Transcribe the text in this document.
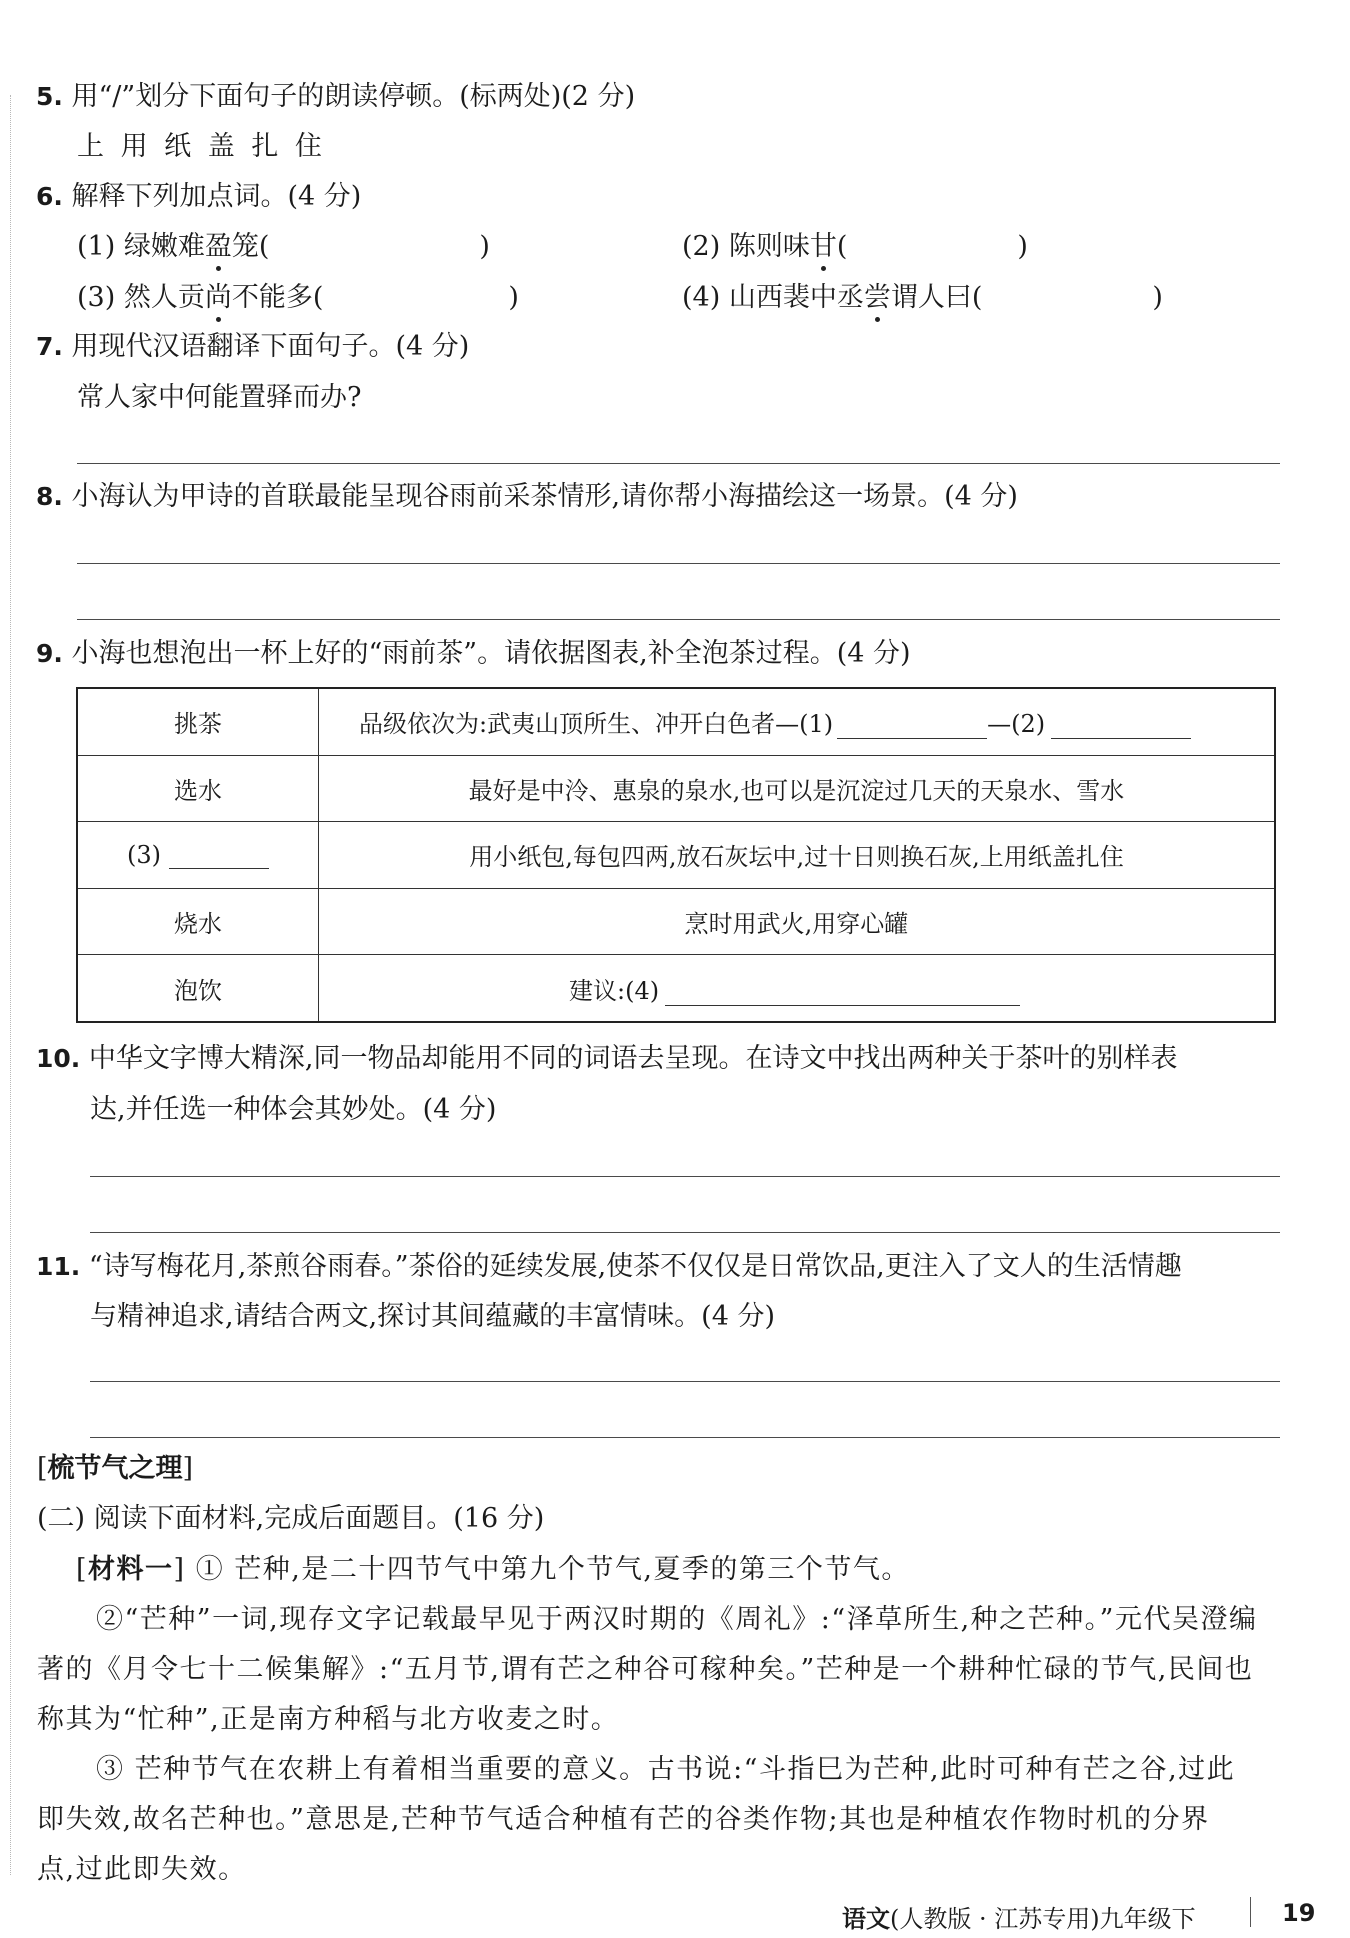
5. 用“/”划分下面句子的朗读停顿。(标两处)(2 分)
上 用 纸 盖 扎 住
6. 解释下列加点词。(4 分)
(1) 绿嫩难盈笼(	)	(2) 陈则味甘(	)
(3) 然人贡尚不能多(	)	(4) 山西裴中丞尝谓人曰(	)
7. 用现代汉语翻译下面句子。(4 分)
常人家中何能置驿而办?
8. 小海认为甲诗的首联最能呈现谷雨前采茶情形,请你帮小海描绘这一场景。(4 分)
9. 小海也想泡出一杯上好的“雨前茶”。请依据图表,补全泡茶过程。(4 分)
挑茶	品级依次为:武夷山顶所生、冲开白色者—(1) —(2)
选水	最好是中泠、惠泉的泉水,也可以是沉淀过几天的天泉水、雪水
(3)	用小纸包,每包四两,放石灰坛中,过十日则换石灰,上用纸盖扎住
烧水	烹时用武火,用穿心罐
泡饮	建议:(4)
10. 中华文字博大精深,同一物品却能用不同的词语去呈现。在诗文中找出两种关于茶叶的别样表
达,并任选一种体会其妙处。(4 分)
11. “诗写梅花月,茶煎谷雨春。”茶俗的延续发展,使茶不仅仅是日常饮品,更注入了文人的生活情趣
与精神追求,请结合两文,探讨其间蕴藏的丰富情味。(4 分)
[梳节气之理]
(二) 阅读下面材料,完成后面题目。(16 分)
[材料一] ① 芒种,是二十四节气中第九个节气,夏季的第三个节气。
②“芒种”一词,现存文字记载最早见于两汉时期的《周礼》:“泽草所生,种之芒种。”元代吴澄编
著的《月令七十二候集解》:“五月节,谓有芒之种谷可稼种矣。”芒种是一个耕种忙碌的节气,民间也
称其为“忙种”,正是南方种稻与北方收麦之时。
③ 芒种节气在农耕上有着相当重要的意义。古书说:“斗指巳为芒种,此时可种有芒之谷,过此
即失效,故名芒种也。”意思是,芒种节气适合种植有芒的谷类作物;其也是种植农作物时机的分界
点,过此即失效。
语文(人教版 · 江苏专用)九年级下	19
